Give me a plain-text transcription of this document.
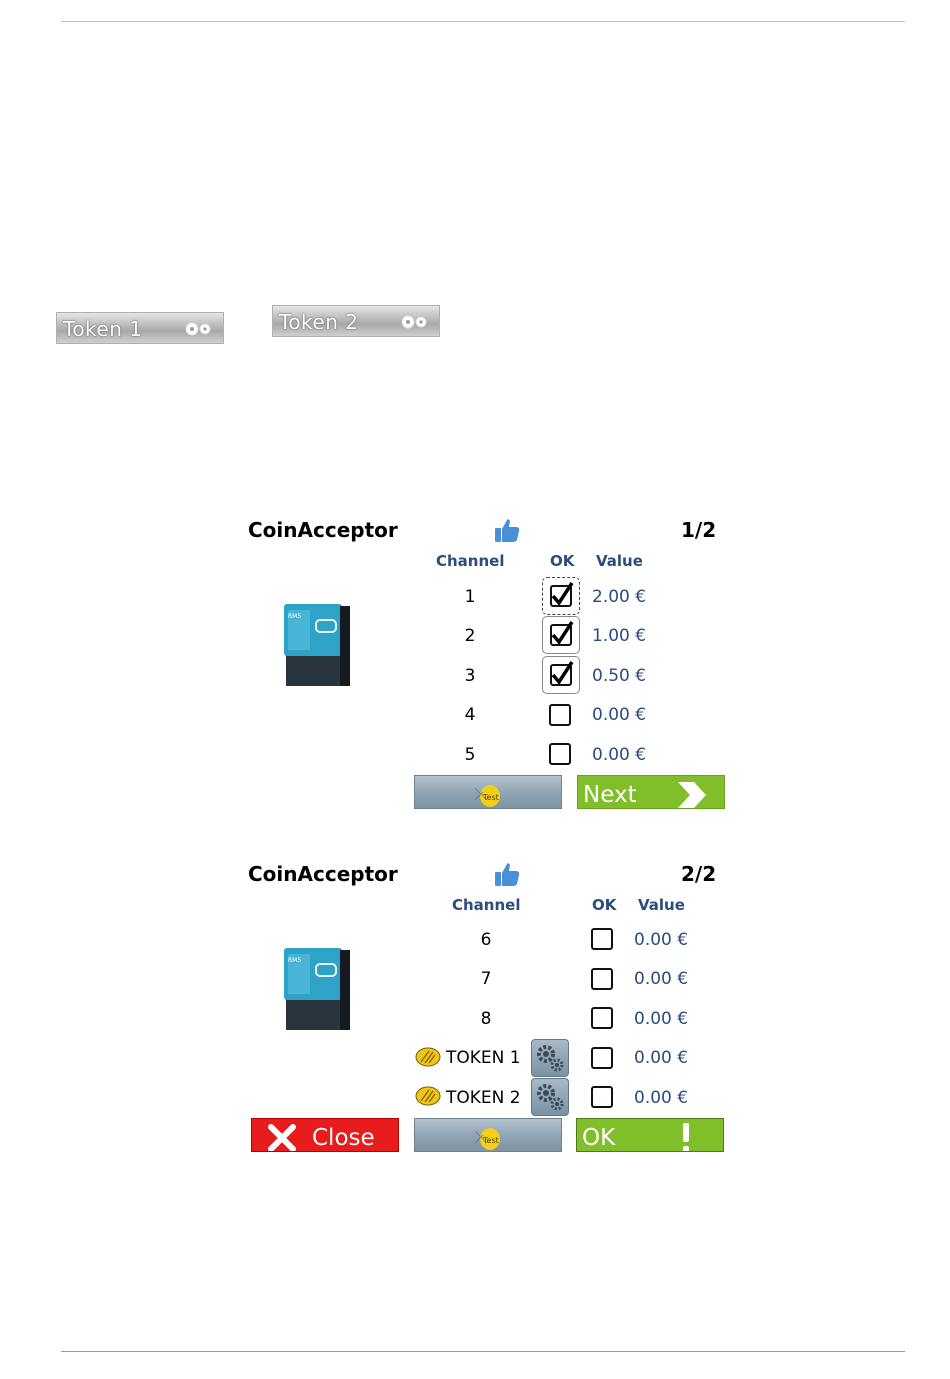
Token 1	Token 2
CoinAcceptor	1/2
Channel	OK Value
RM5
1	2.00 €
2	1.00 €
3	0.50 €
4	0.00 €
5	0.00 €
Test	Next
CoinAcceptor	2/2
Channel	OK Value
RM5
6	0.00 €
7	0.00 €
8	0.00 €
TOKEN 1	0.00 €
TOKEN 2	0.00 €
Close	Test	OK
